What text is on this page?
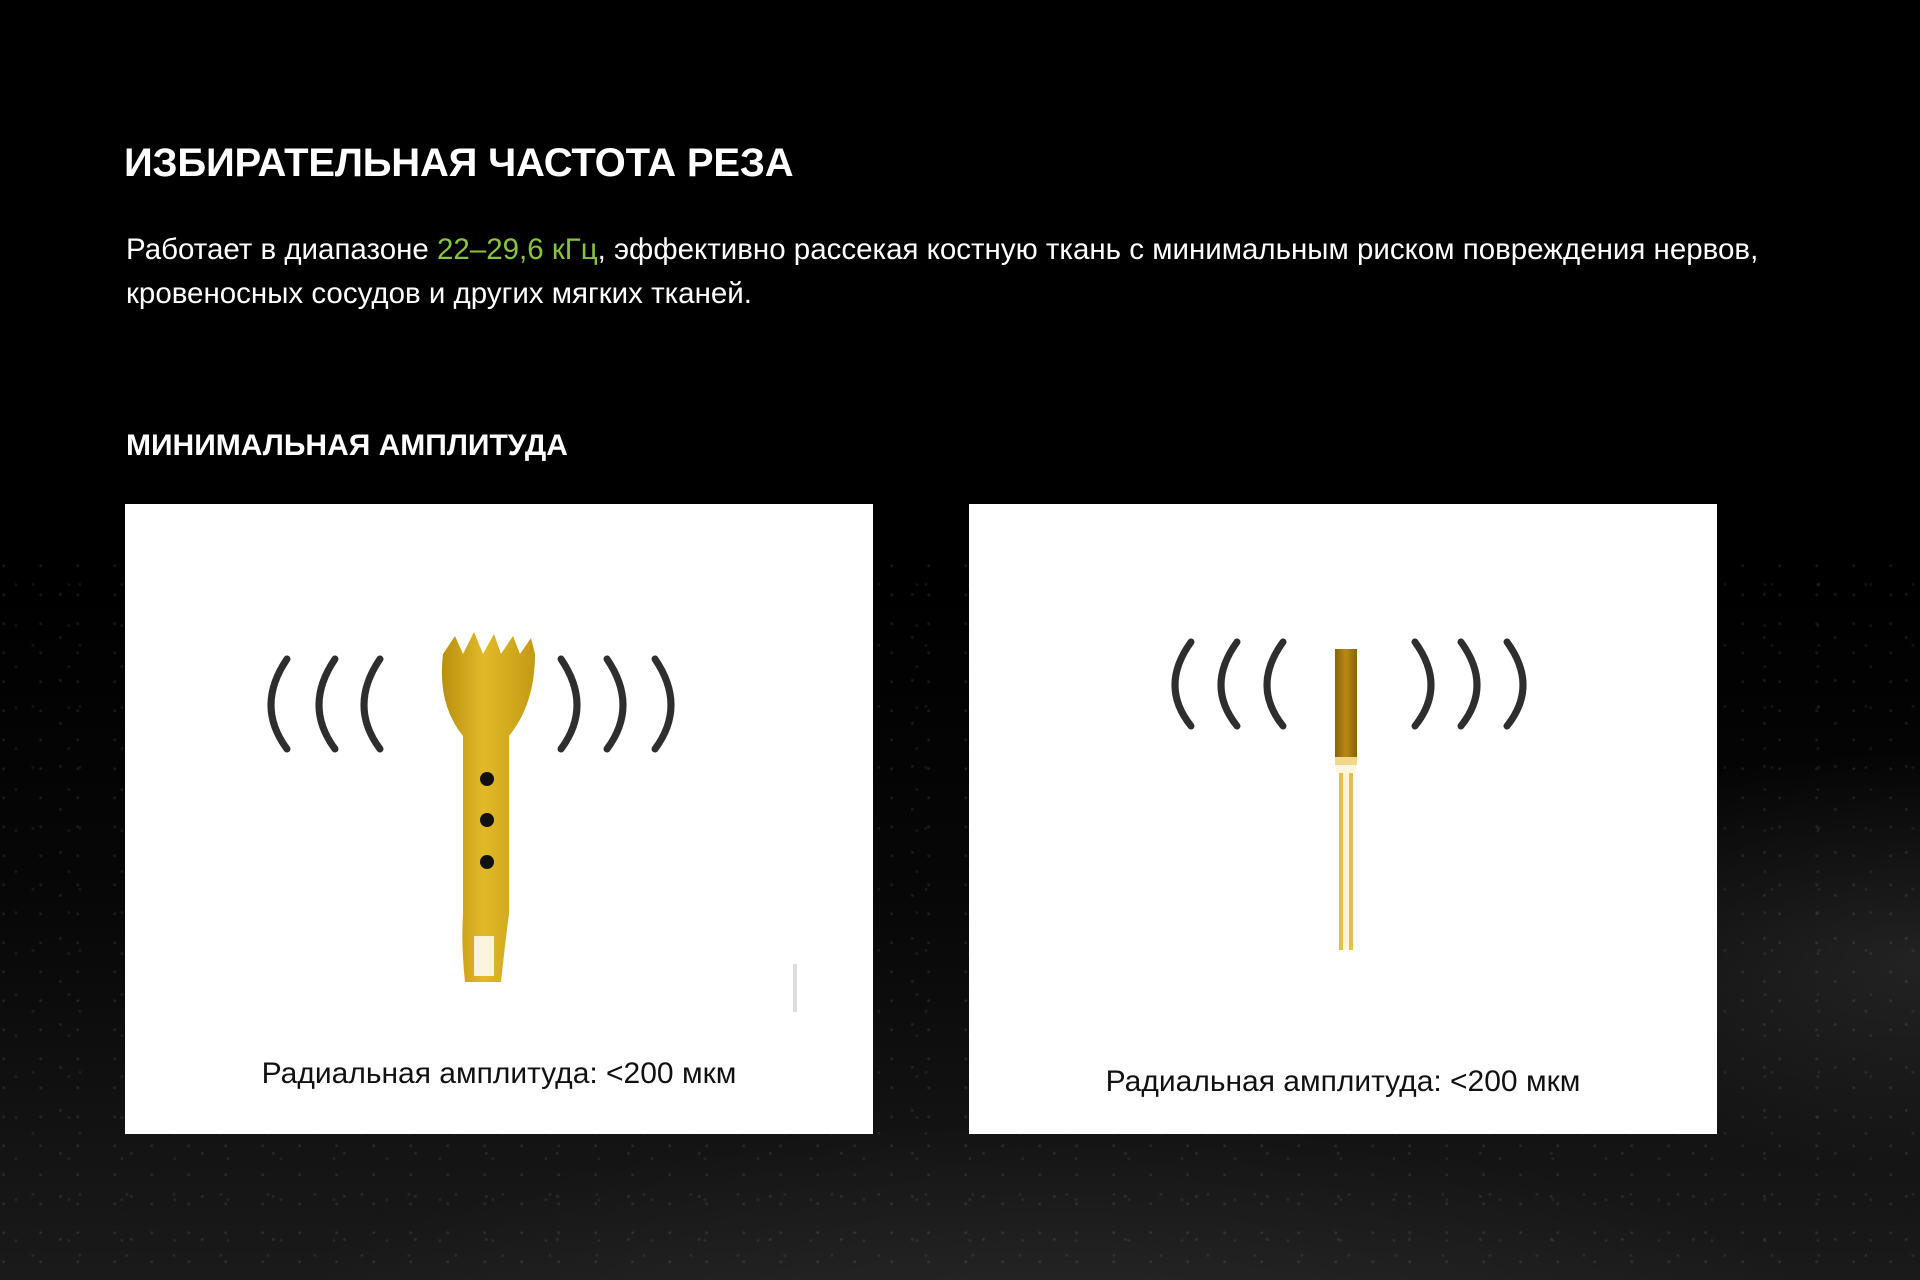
ИЗБИРАТЕЛЬНАЯ ЧАСТОТА РЕЗА

Работает в диапазоне 22–29,6 кГц, эффективно рассекая костную ткань с минимальным риском повреждения нервов, кровеносных сосудов и других мягких тканей.

МИНИМАЛЬНАЯ АМПЛИТУДА
Радиальная амплитуда: <200 мкм	Радиальная амплитуда: <200 мкм
